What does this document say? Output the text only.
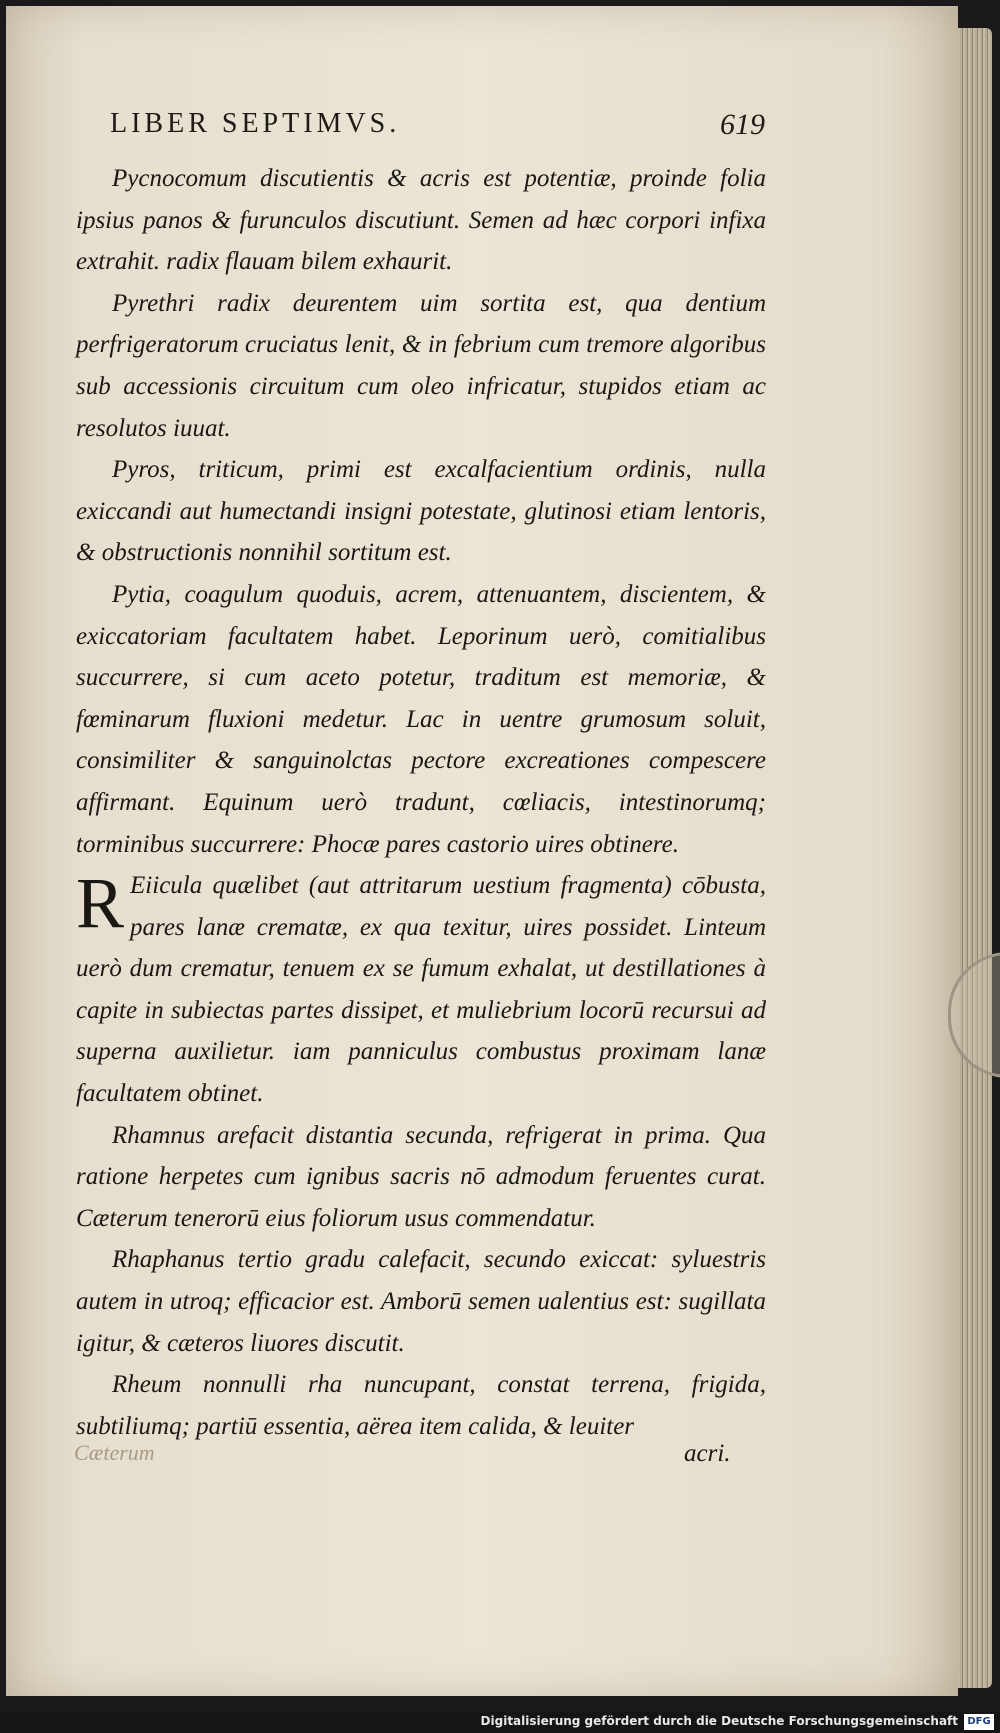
LIBER SEPTIMVS.	619

Pycnocomum discutientis & acris est potentiæ, proinde folia ipsius panos & furunculos discutiunt. Semen ad hæc corpori infixa extrahit. radix flauam bilem exhaurit.

Pyrethri radix deurentem uim sortita est, qua dentium perfrigeratorum cruciatus lenit, & in febrium cum tremore algoribus sub accessionis circuitum cum oleo infricatur, stupidos etiam ac resolutos iuuat.

Pyros, triticum, primi est excalfacientium ordinis, nulla exiccandi aut humectandi insigni potestate, glutinosi etiam lentoris, & obstructionis nonnihil sortitum est.

Pytia, coagulum quoduis, acrem, attenuantem, discientem, & exiccatoriam facultatem habet. Leporinum uerò, comitialibus succurrere, si cum aceto potetur, traditum est memoriæ, & fœminarum fluxioni medetur. Lac in uentre grumosum soluit, consimiliter & sanguinolctas pectore excreationes compescere affirmant. Equinum uerò tradunt, cœliacis, intestinorumq; torminibus succurrere: Phocæ pares castorio uires obtinere.

R Eiicula quælibet (aut attritarum uestium fragmenta) cōbusta, pares lanæ crematæ, ex qua texitur, uires possidet. Linteum uerò dum crematur, tenuem ex se fumum exhalat, ut destillationes à capite in subiectas partes dissipet, et muliebrium locorū recursui ad superna auxilietur. iam panniculus combustus proximam lanæ facultatem obtinet.

Rhamnus arefacit distantia secunda, refrigerat in prima. Qua ratione herpetes cum ignibus sacris nō admodum feruentes curat. Cæterum tenerorū eius foliorum usus commendatur.

Rhaphanus tertio gradu calefacit, secundo exiccat: syluestris autem in utroq; efficacior est. Amborū semen ualentius est: sugillata igitur, & cæteros liuores discutit.

Rheum nonnulli rha nuncupant, constat terrena, frigida, subtiliumq; partiū essentia, aërea item calida, & leuiter

Cæterum	acri.
Digitalisierung gefördert durch die Deutsche Forschungsgemeinschaft DFG
